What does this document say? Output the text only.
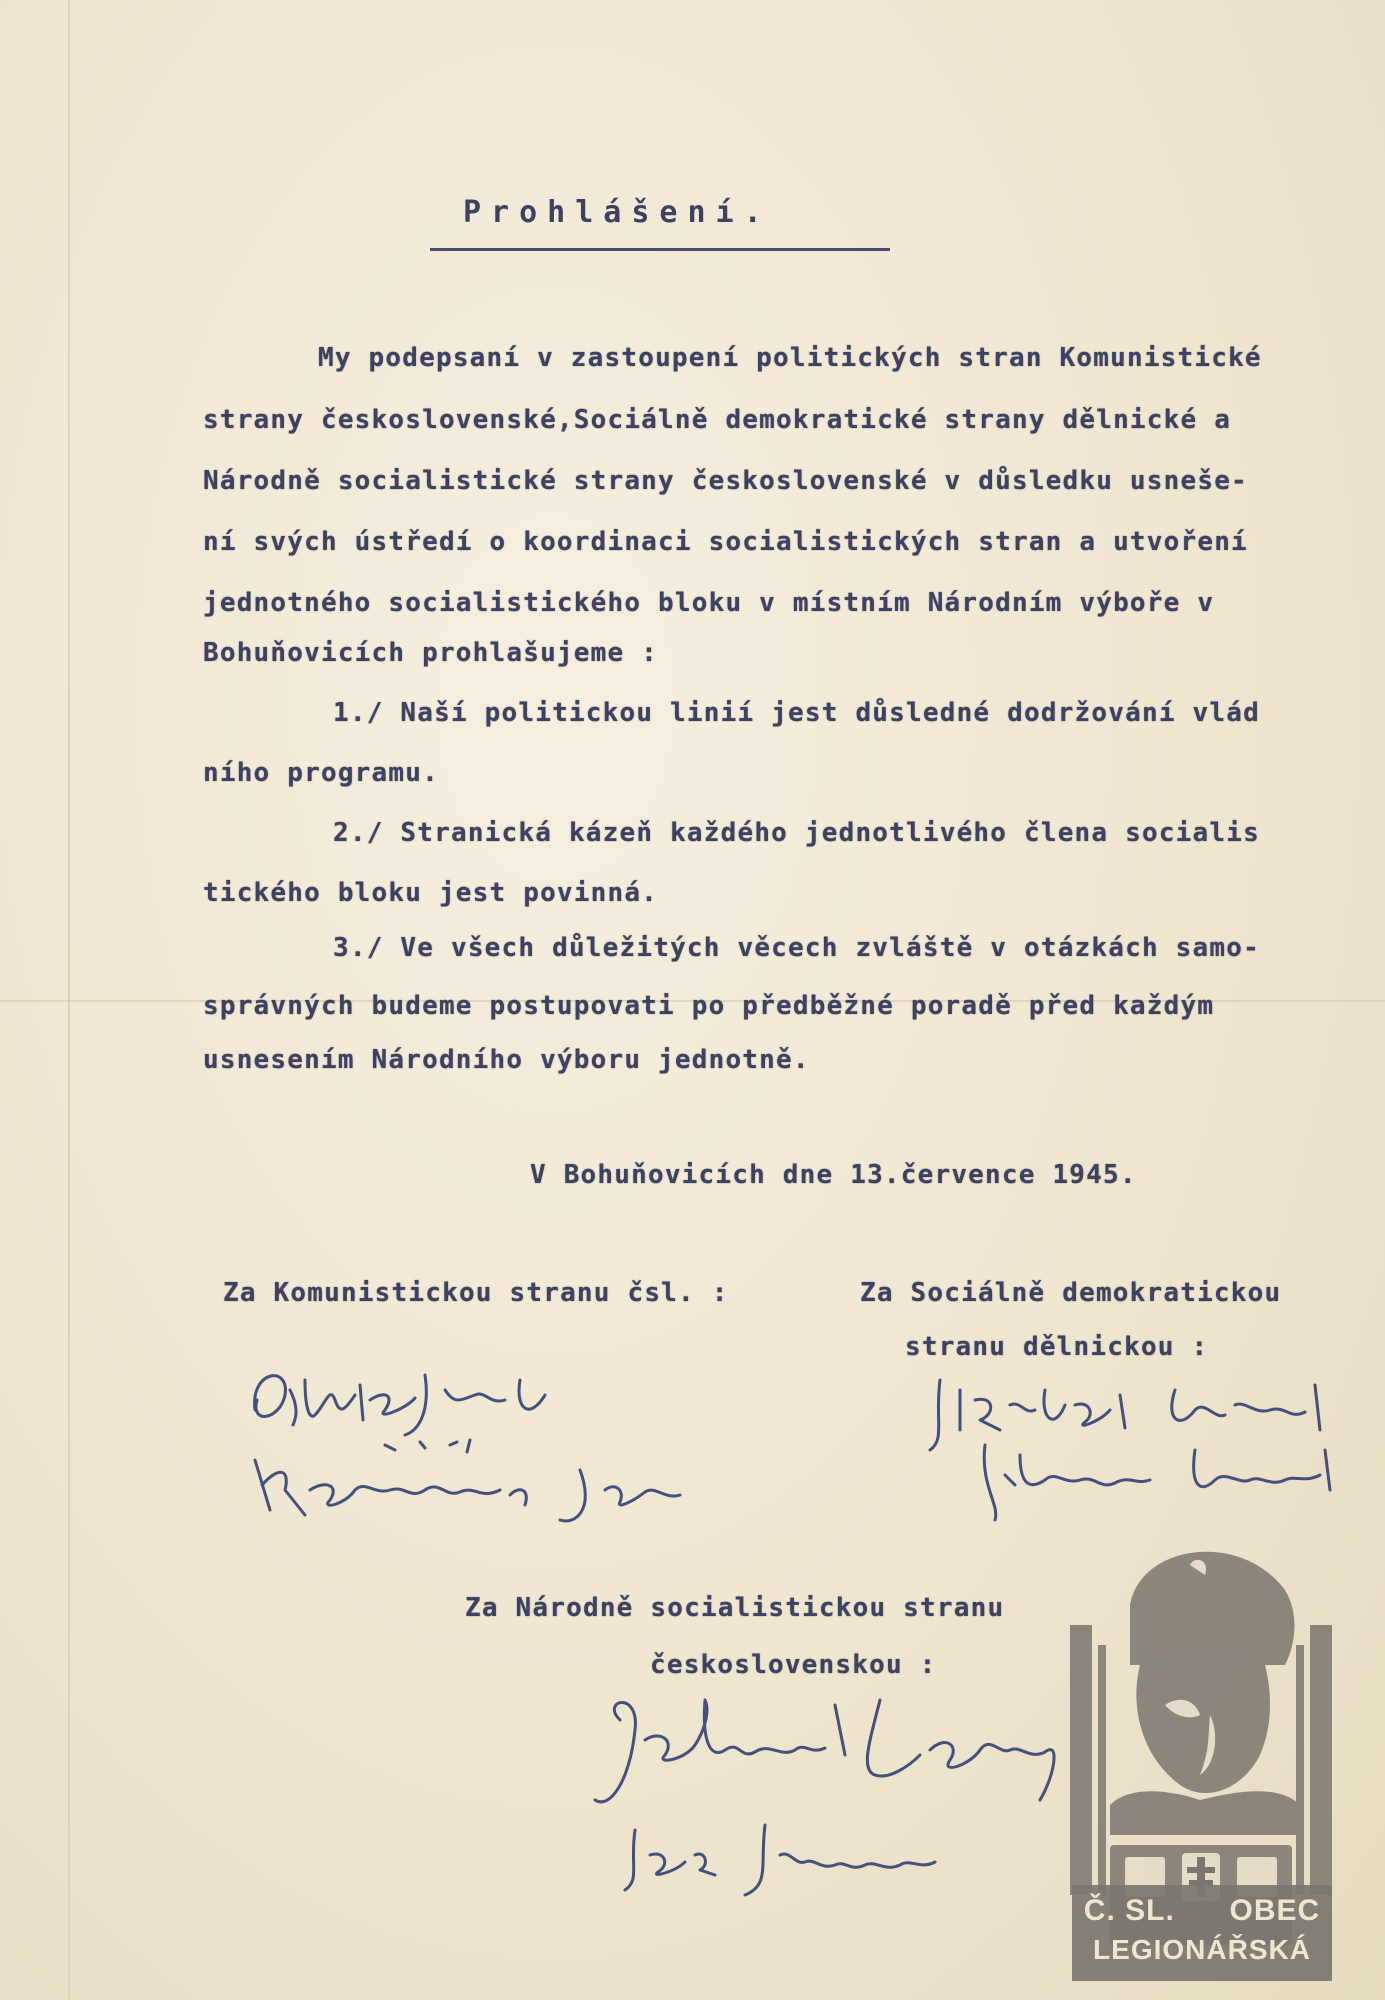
Prohlášení.
My podepsaní v zastoupení politických stran Komunistické
strany československé,Sociálně demokratické strany dělnické a
Národně socialistické strany československé v důsledku usneše-
ní svých ústředí o koordinaci socialistických stran a utvoření
jednotného socialistického bloku v místním Národním výboře v
Bohuňovicích prohlašujeme :
1./ Naší politickou linií jest důsledné dodržování vlád
ního programu.
2./ Stranická kázeň každého jednotlivého člena socialis
tického bloku jest povinná.
3./ Ve všech důležitých věcech zvláště v otázkách samo-
správných budeme postupovati po předběžné poradě před každým
usnesením Národního výboru jednotně.
V Bohuňovicích dne 13.července 1945.
Za Komunistickou stranu čsl. :	Za Sociálně demokratickou
stranu dělnickou :
Za Národně socialistickou stranu
československou :
Č. SL. OBEC
LEGIONÁŘSKÁ
